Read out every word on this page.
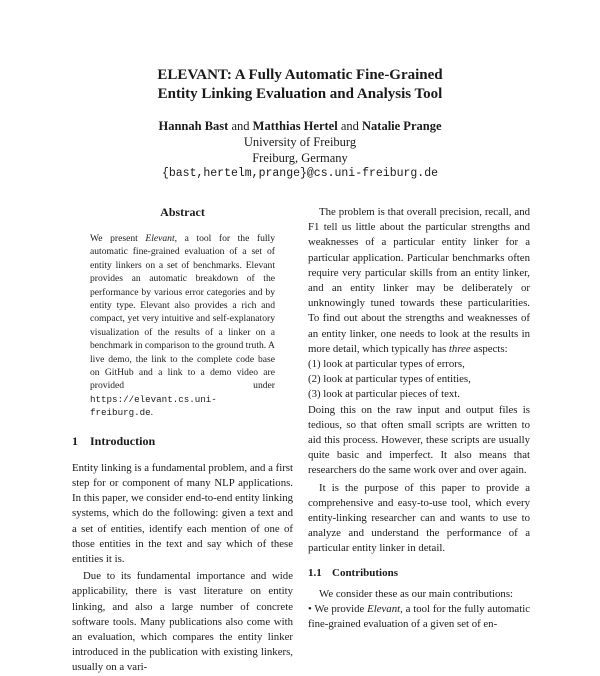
ELEVANT: A Fully Automatic Fine-Grained
Entity Linking Evaluation and Analysis Tool
Hannah Bast and Matthias Hertel and Natalie Prange
University of Freiburg
Freiburg, Germany
{bast,hertelm,prange}@cs.uni-freiburg.de
Abstract
We present Elevant, a tool for the fully automatic fine-grained evaluation of a set of entity linkers on a set of benchmarks. Elevant provides an automatic breakdown of the performance by various error categories and by entity type. Elevant also provides a rich and compact, yet very intuitive and self-explanatory visualization of the results of a linker on a benchmark in comparison to the ground truth. A live demo, the link to the complete code base on GitHub and a link to a demo video are provided under https://elevant.cs.uni-freiburg.de.
1 Introduction

Entity linking is a fundamental problem, and a first step for or component of many NLP applications. In this paper, we consider end-to-end entity linking systems, which do the following: given a text and a set of entities, identify each mention of one of those entities in the text and say which of these entities it is.

Due to its fundamental importance and wide applicability, there is vast literature on entity linking, and also a large number of concrete software tools. Many publications also come with an evaluation, which compares the entity linker introduced in the publication with existing linkers, usually on a vari-

The problem is that overall precision, recall, and F1 tell us little about the particular strengths and weaknesses of a particular entity linker for a particular application. Particular benchmarks often require very particular skills from an entity linker, and an entity linker may be deliberately or unknowingly tuned towards these particularities. To find out about the strengths and weaknesses of an entity linker, one needs to look at the results in more detail, which typically has three aspects:

(1) look at particular types of errors,

(2) look at particular types of entities,

(3) look at particular pieces of text.

Doing this on the raw input and output files is tedious, so that often small scripts are written to aid this process. However, these scripts are usually quite basic and imperfect. It also means that researchers do the same work over and over again.

It is the purpose of this paper to provide a comprehensive and easy-to-use tool, which every entity-linking researcher can and wants to use to analyze and understand the performance of a particular entity linker in detail.

1.1 Contributions

We consider these as our main contributions:

• We provide Elevant, a tool for the fully automatic fine-grained evaluation of a given set of en-
